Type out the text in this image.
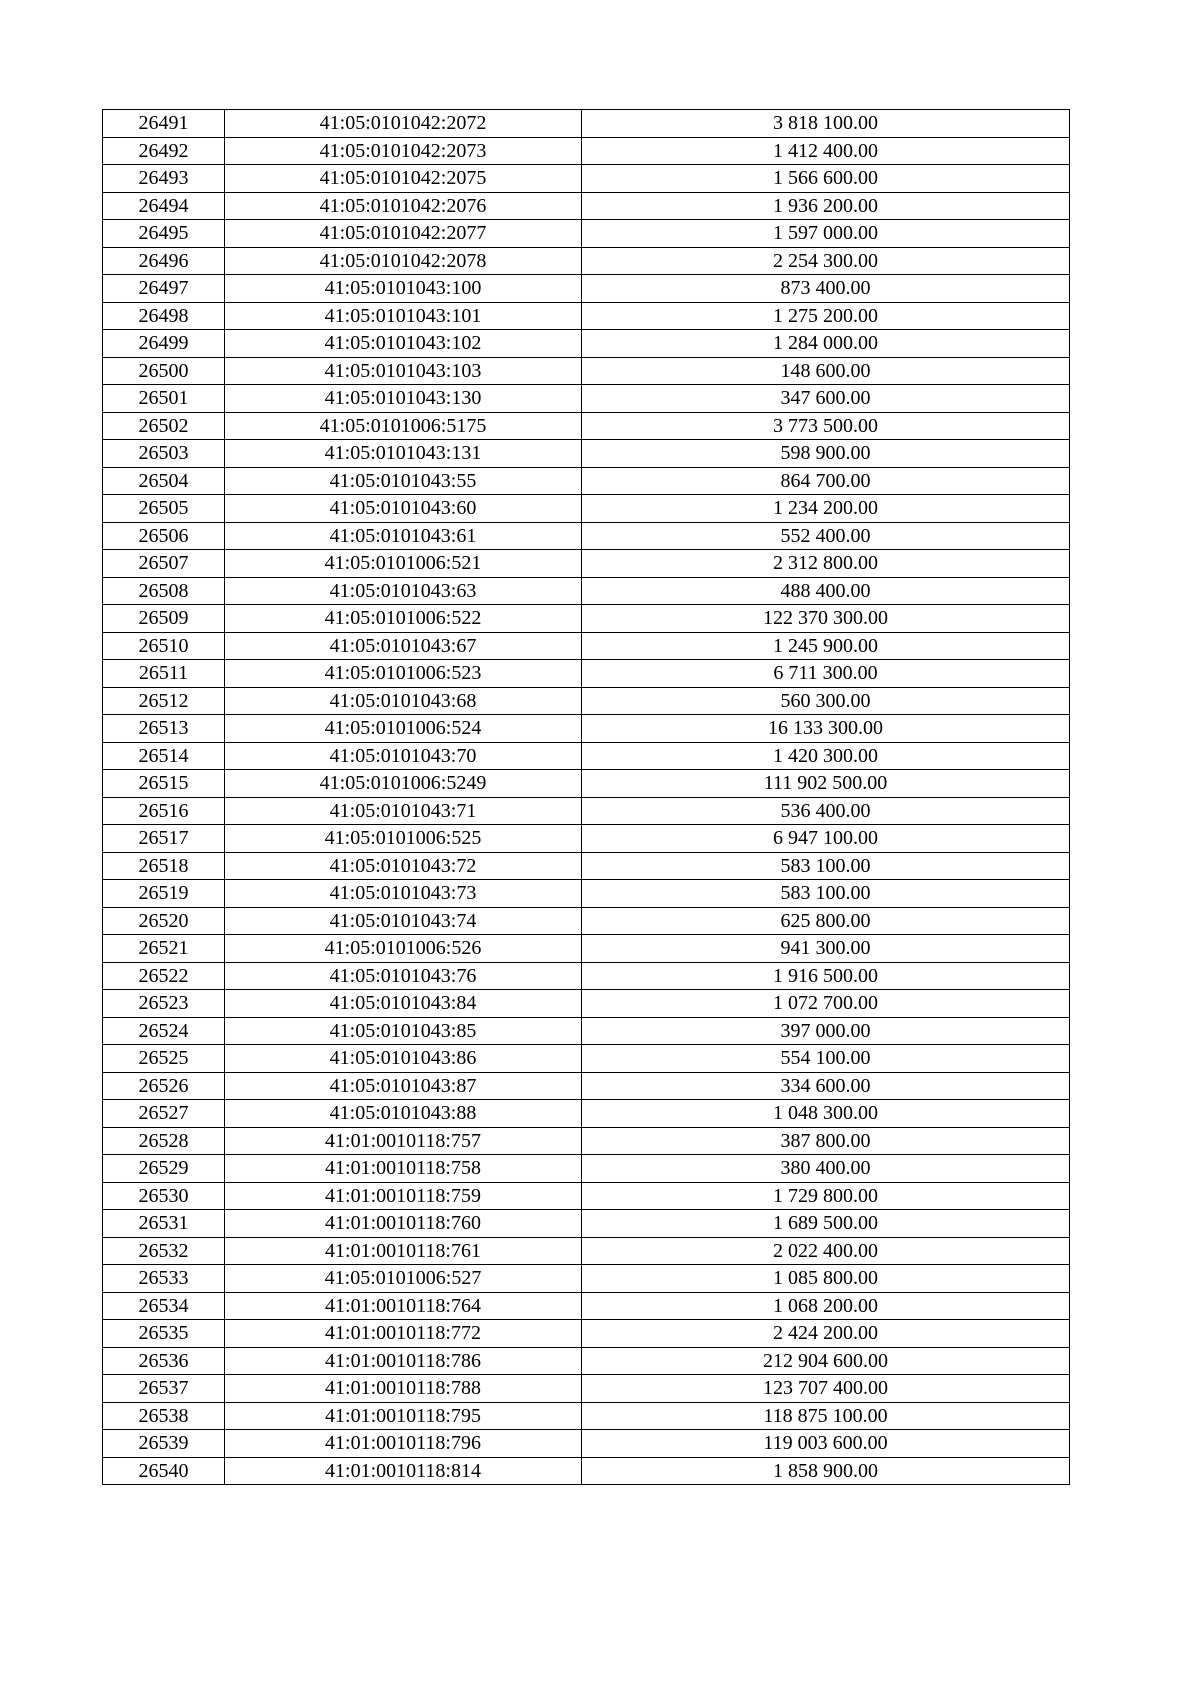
26491	41:05:0101042:2072	3 818 100.00
26492	41:05:0101042:2073	1 412 400.00
26493	41:05:0101042:2075	1 566 600.00
26494	41:05:0101042:2076	1 936 200.00
26495	41:05:0101042:2077	1 597 000.00
26496	41:05:0101042:2078	2 254 300.00
26497	41:05:0101043:100	873 400.00
26498	41:05:0101043:101	1 275 200.00
26499	41:05:0101043:102	1 284 000.00
26500	41:05:0101043:103	148 600.00
26501	41:05:0101043:130	347 600.00
26502	41:05:0101006:5175	3 773 500.00
26503	41:05:0101043:131	598 900.00
26504	41:05:0101043:55	864 700.00
26505	41:05:0101043:60	1 234 200.00
26506	41:05:0101043:61	552 400.00
26507	41:05:0101006:521	2 312 800.00
26508	41:05:0101043:63	488 400.00
26509	41:05:0101006:522	122 370 300.00
26510	41:05:0101043:67	1 245 900.00
26511	41:05:0101006:523	6 711 300.00
26512	41:05:0101043:68	560 300.00
26513	41:05:0101006:524	16 133 300.00
26514	41:05:0101043:70	1 420 300.00
26515	41:05:0101006:5249	111 902 500.00
26516	41:05:0101043:71	536 400.00
26517	41:05:0101006:525	6 947 100.00
26518	41:05:0101043:72	583 100.00
26519	41:05:0101043:73	583 100.00
26520	41:05:0101043:74	625 800.00
26521	41:05:0101006:526	941 300.00
26522	41:05:0101043:76	1 916 500.00
26523	41:05:0101043:84	1 072 700.00
26524	41:05:0101043:85	397 000.00
26525	41:05:0101043:86	554 100.00
26526	41:05:0101043:87	334 600.00
26527	41:05:0101043:88	1 048 300.00
26528	41:01:0010118:757	387 800.00
26529	41:01:0010118:758	380 400.00
26530	41:01:0010118:759	1 729 800.00
26531	41:01:0010118:760	1 689 500.00
26532	41:01:0010118:761	2 022 400.00
26533	41:05:0101006:527	1 085 800.00
26534	41:01:0010118:764	1 068 200.00
26535	41:01:0010118:772	2 424 200.00
26536	41:01:0010118:786	212 904 600.00
26537	41:01:0010118:788	123 707 400.00
26538	41:01:0010118:795	118 875 100.00
26539	41:01:0010118:796	119 003 600.00
26540	41:01:0010118:814	1 858 900.00
